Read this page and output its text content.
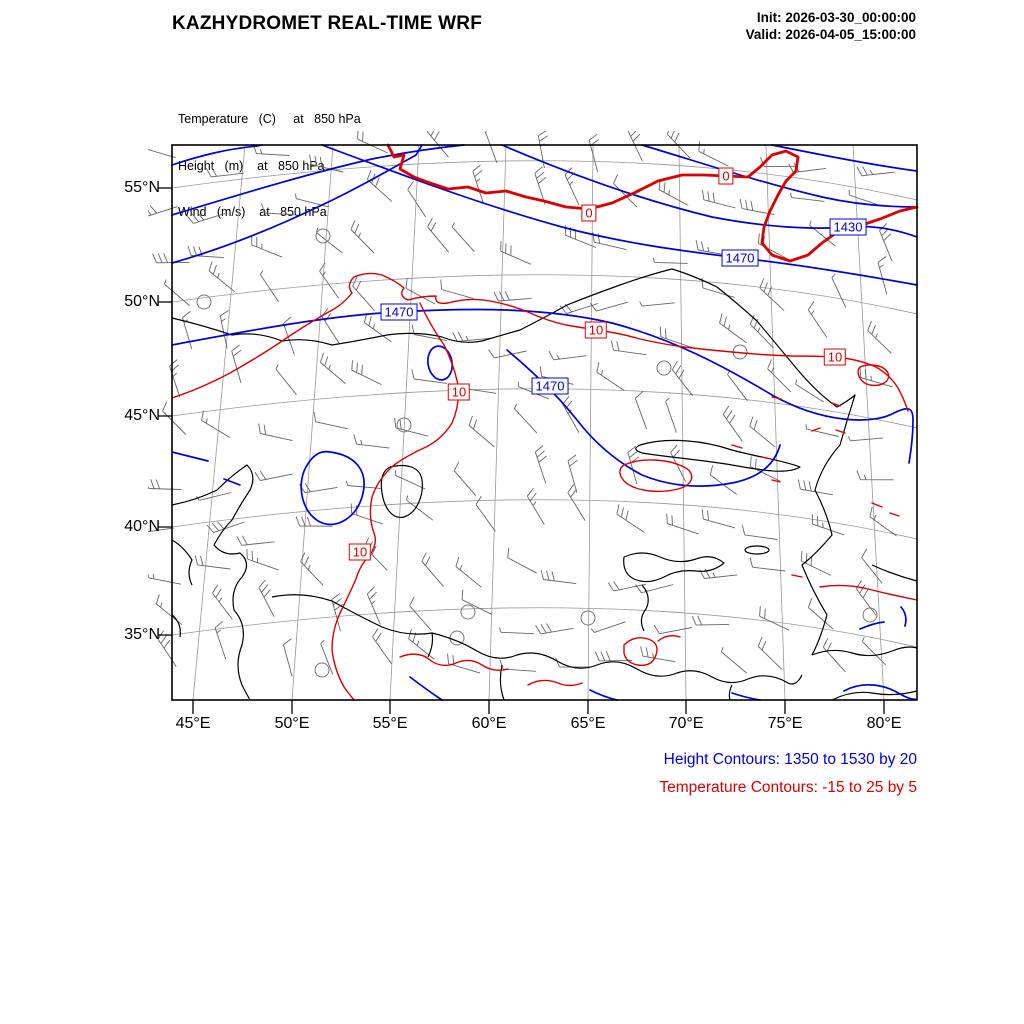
KAZHYDROMET REAL-TIME WRF	Init: 2026-03-30_00:00:00
Valid: 2026-04-05_15:00:00

Temperature   (C)     at   850 hPa

Height   (m)    at   850 hPa

Wind   (m/s)    at   850 hPa

55°N
50°N
45°N
40°N
35°N
45°E	50°E	55°E	60°E	65°E	70°E	75°E	80°E
1470
1470
1470
1430
0
0
10
10
10
10
Height Contours: 1350 to 1530 by 20
Temperature Contours: -15 to 25 by 5
